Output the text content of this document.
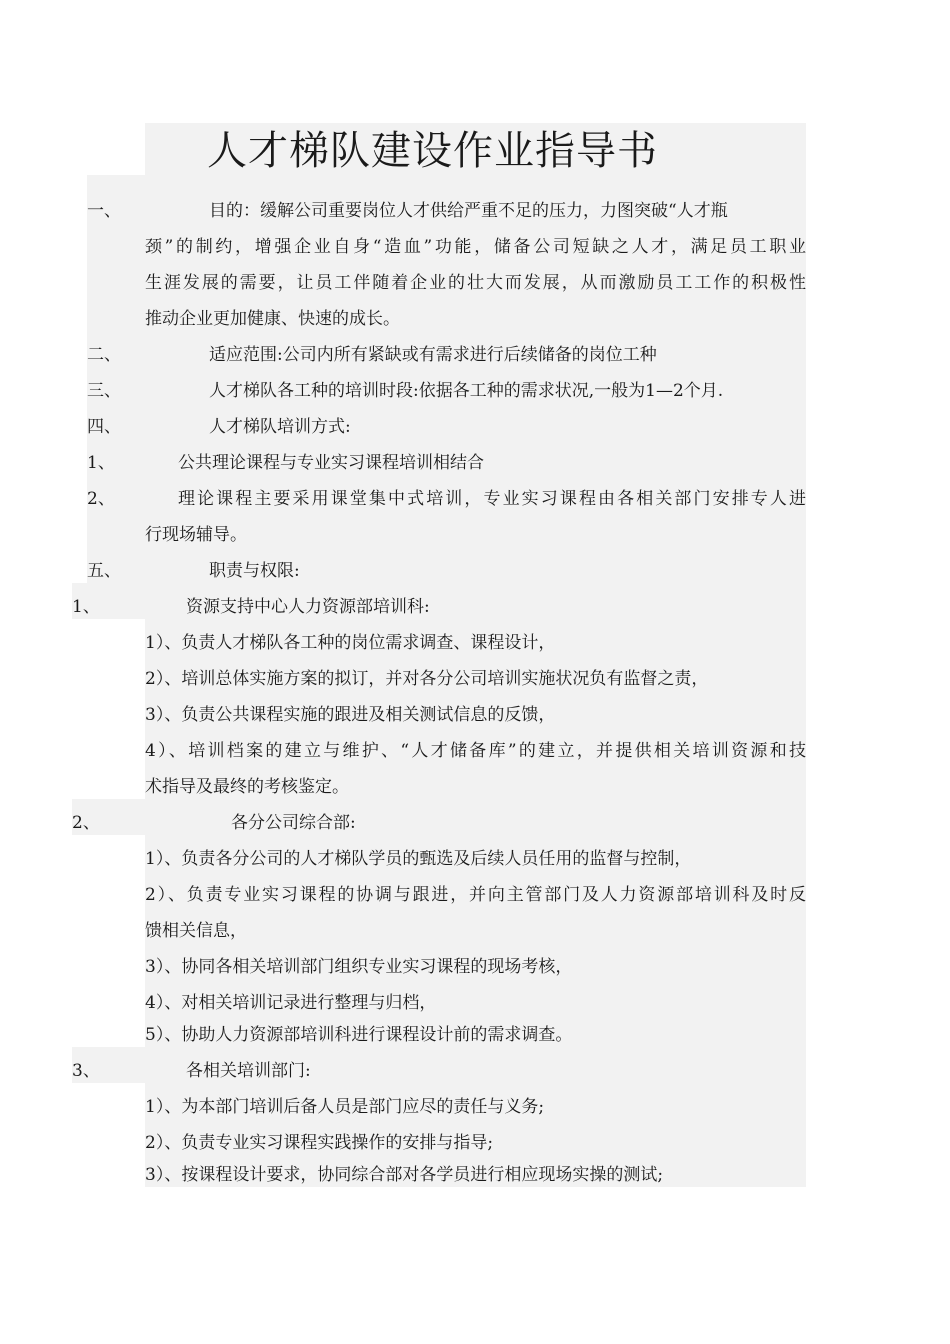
人才梯队建设作业指导书
一、	目的：缓解公司重要岗位人才供给严重不足的压力，力图突破“人才瓶
颈”的制约，增强企业自身“造血”功能，储备公司短缺之人才，满足员工职业
生涯发展的需要，让员工伴随着企业的壮大而发展，从而激励员工工作的积极性
推动企业更加健康、快速的成长。
二、	适应范围:公司内所有紧缺或有需求进行后续储备的岗位工种
三、	人才梯队各工种的培训时段:依据各工种的需求状况,一般为1—2个月.
四、	人才梯队培训方式:
1、	公共理论课程与专业实习课程培训相结合
2、	理论课程主要采用课堂集中式培训，专业实习课程由各相关部门安排专人进
行现场辅导。
五、	职责与权限:
1、	资源支持中心人力资源部培训科:
1）、负责人才梯队各工种的岗位需求调查、课程设计，
2）、培训总体实施方案的拟订，并对各分公司培训实施状况负有监督之责，
3）、负责公共课程实施的跟进及相关测试信息的反馈，
4）、培训档案的建立与维护、“人才储备库”的建立，并提供相关培训资源和技
术指导及最终的考核鉴定。
2、	各分公司综合部:
1）、负责各分公司的人才梯队学员的甄选及后续人员任用的监督与控制，
2）、负责专业实习课程的协调与跟进，并向主管部门及人力资源部培训科及时反
馈相关信息，
3）、协同各相关培训部门组织专业实习课程的现场考核，
4）、对相关培训记录进行整理与归档，
5）、协助人力资源部培训科进行课程设计前的需求调查。
3、	各相关培训部门:
1）、为本部门培训后备人员是部门应尽的责任与义务;
2）、负责专业实习课程实践操作的安排与指导;
3）、按课程设计要求，协同综合部对各学员进行相应现场实操的测试;
